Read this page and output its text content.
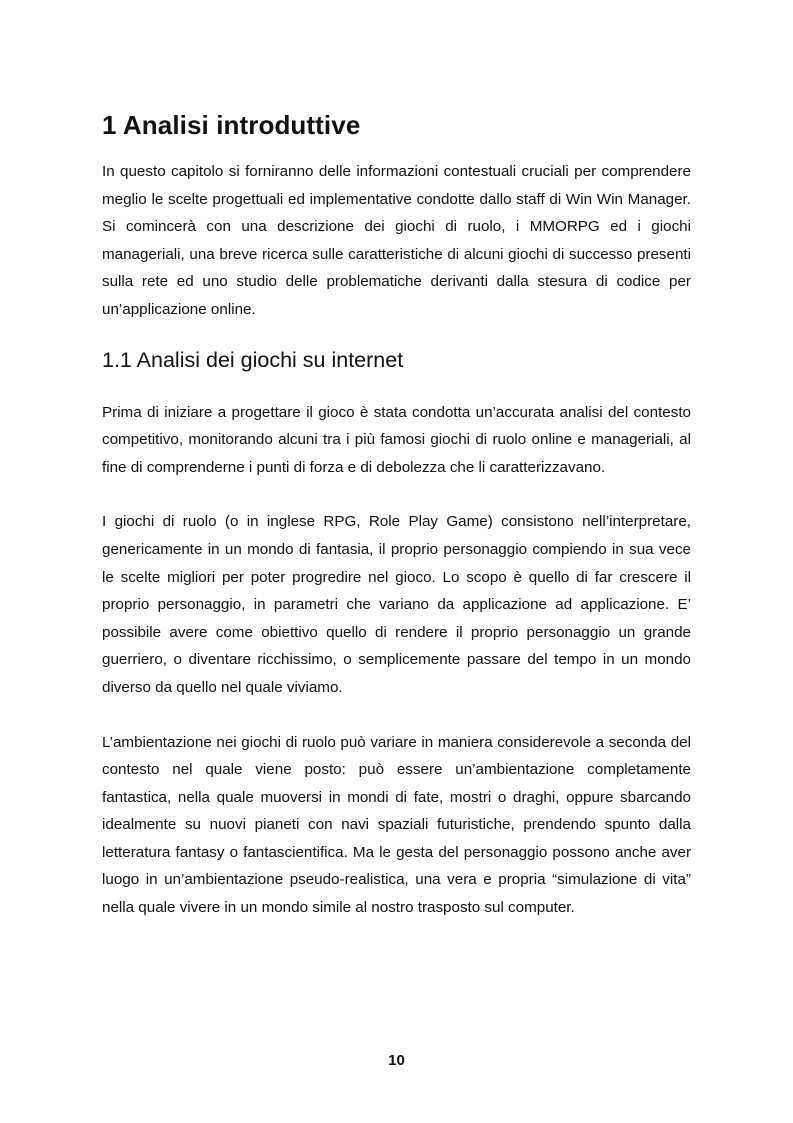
1 Analisi introduttive

In questo capitolo si forniranno delle informazioni contestuali cruciali per comprendere meglio le scelte progettuali ed implementative condotte dallo staff di Win Win Manager. Si comincerà con una descrizione dei giochi di ruolo, i MMORPG ed i giochi manageriali, una breve ricerca sulle caratteristiche di alcuni giochi di successo presenti sulla rete ed uno studio delle problematiche derivanti dalla stesura di codice per un’applicazione online.

1.1 Analisi dei giochi su internet

Prima di iniziare a progettare il gioco è stata condotta un’accurata analisi del contesto competitivo, monitorando alcuni tra i più famosi giochi di ruolo online e manageriali, al fine di comprenderne i punti di forza e di debolezza che li caratterizzavano.

I giochi di ruolo (o in inglese RPG, Role Play Game) consistono nell’interpretare, genericamente in un mondo di fantasia, il proprio personaggio compiendo in sua vece le scelte migliori per poter progredire nel gioco. Lo scopo è quello di far crescere il proprio personaggio, in parametri che variano da applicazione ad applicazione. E’ possibile avere come obiettivo quello di rendere il proprio personaggio un grande guerriero, o diventare ricchissimo, o semplicemente passare del tempo in un mondo diverso da quello nel quale viviamo.

L’ambientazione nei giochi di ruolo può variare in maniera considerevole a seconda del contesto nel quale viene posto: può essere un’ambientazione completamente fantastica, nella quale muoversi in mondi di fate, mostri o draghi, oppure sbarcando idealmente su nuovi pianeti con navi spaziali futuristiche, prendendo spunto dalla letteratura fantasy o fantascientifica. Ma le gesta del personaggio possono anche aver luogo in un’ambientazione pseudo-realistica, una vera e propria “simulazione di vita” nella quale vivere in un mondo simile al nostro trasposto sul computer.

10
